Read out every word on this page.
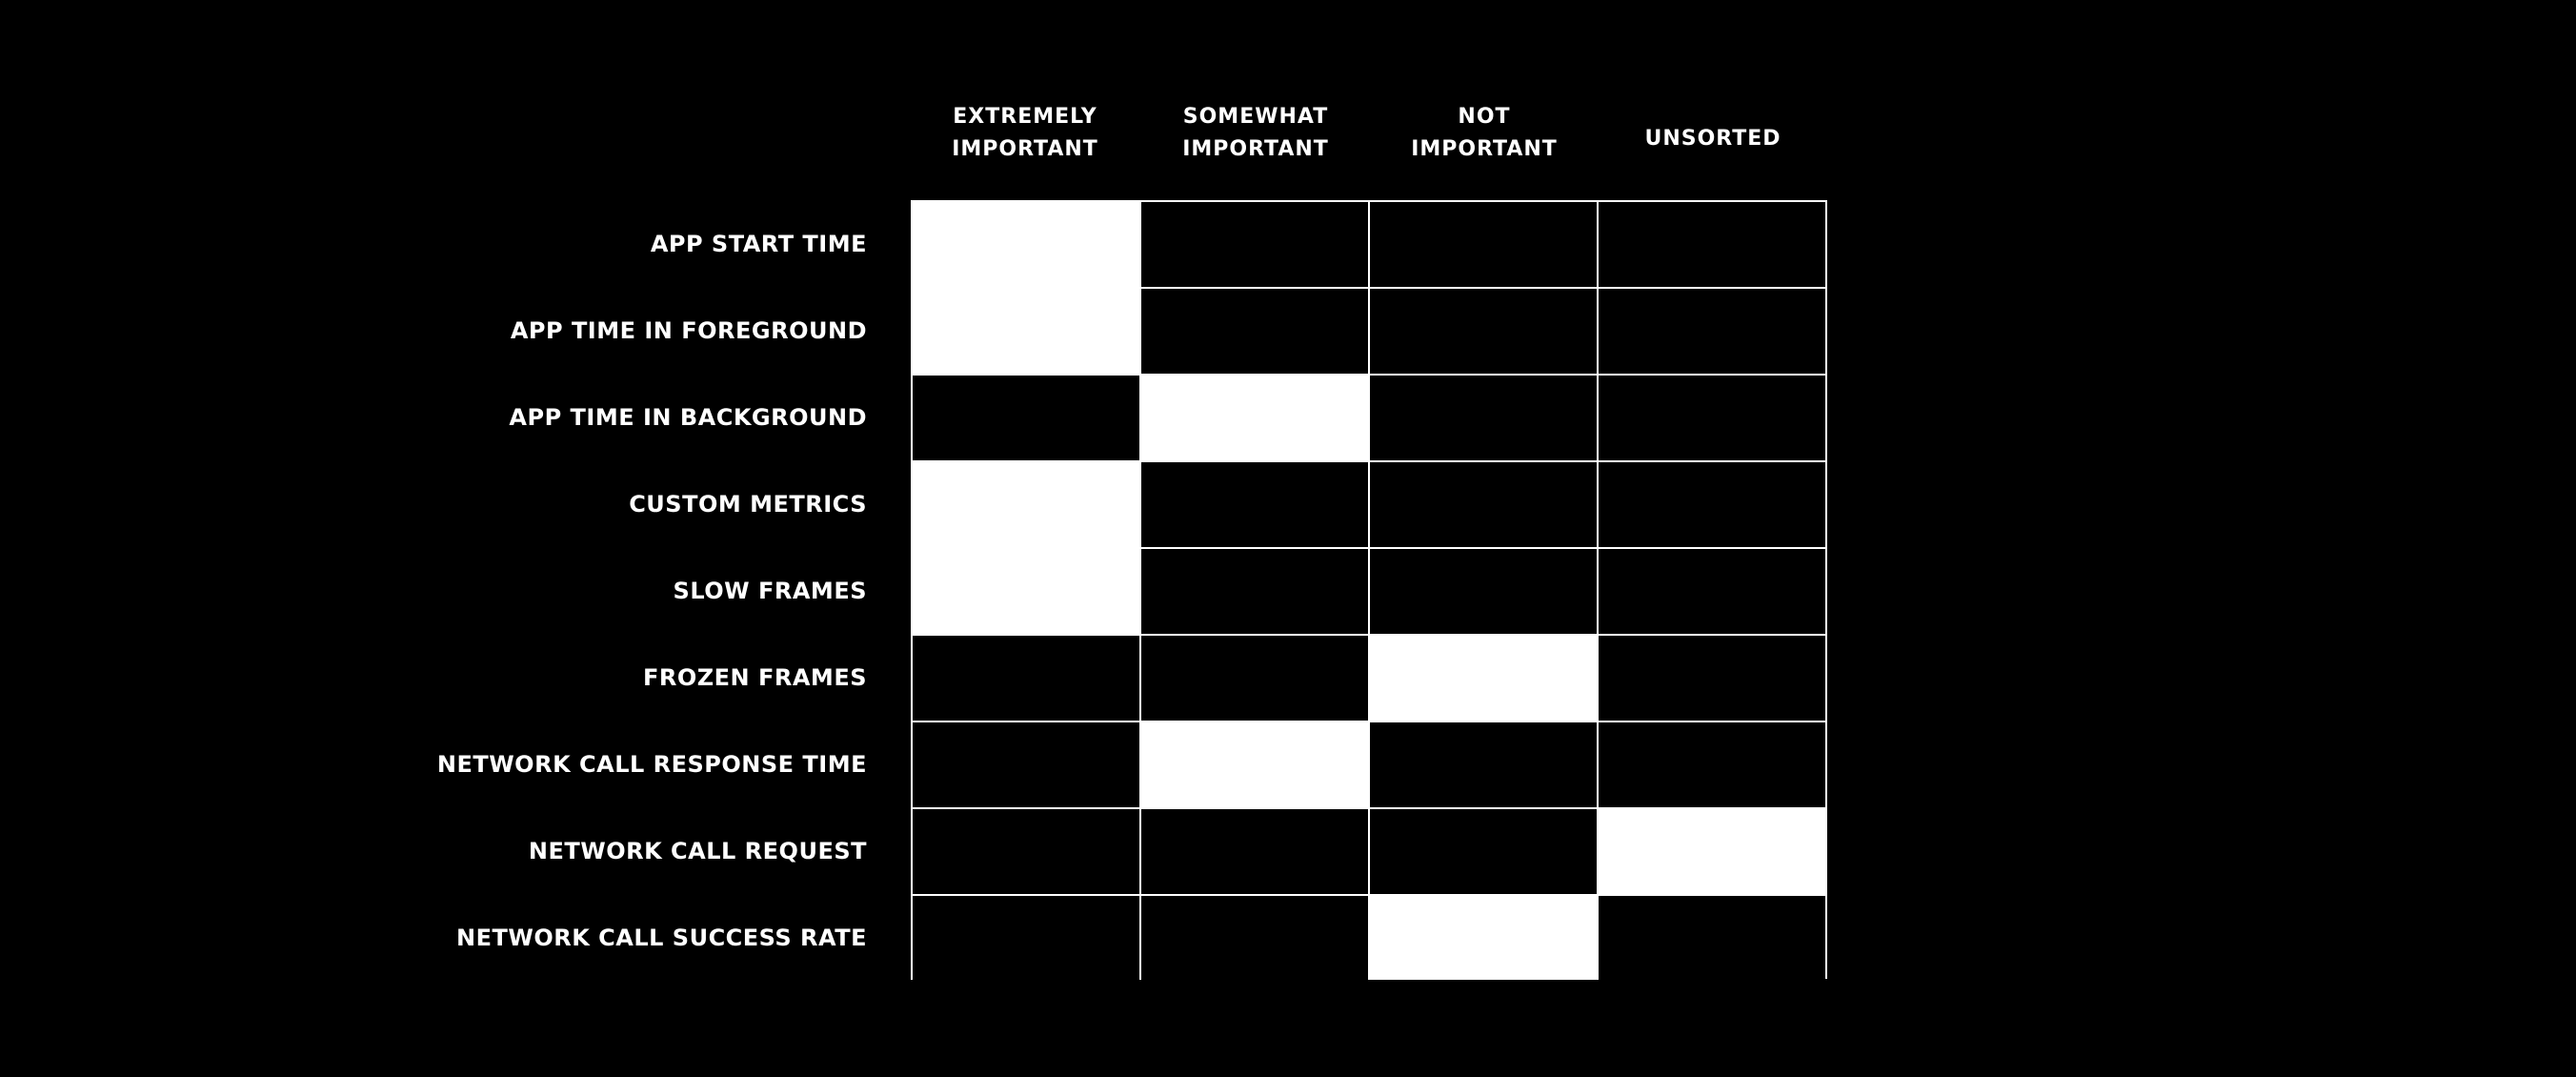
EXTREMELY
IMPORTANT
SOMEWHAT
IMPORTANT
NOT
IMPORTANT	UNSORTED
APP START TIME
APP TIME IN FOREGROUND
APP TIME IN BACKGROUND
CUSTOM METRICS
SLOW FRAMES
FROZEN FRAMES
NETWORK CALL RESPONSE TIME
NETWORK CALL REQUEST
NETWORK CALL SUCCESS RATE
